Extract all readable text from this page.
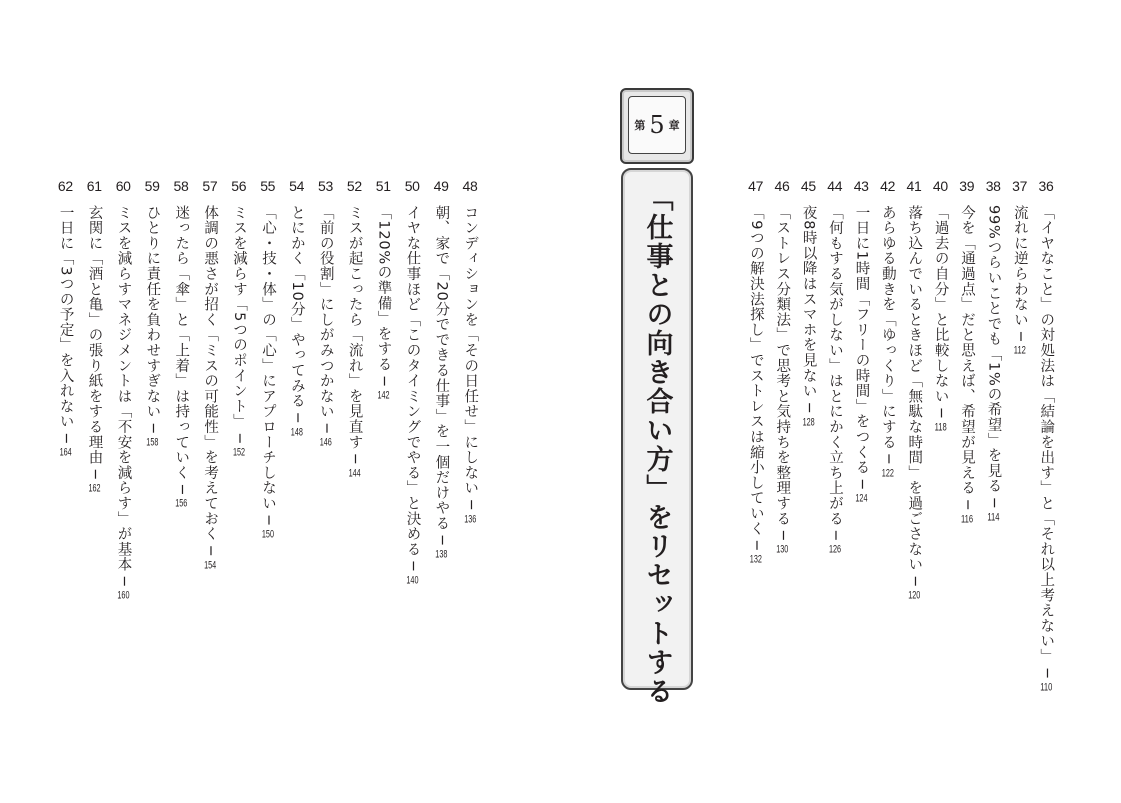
48
コンディションを「その日任せ」にしない ─ 136
49
朝、家で「20分でできる仕事」を一個だけやる ─ 138
50
イヤな仕事ほど「このタイミングでやる」と決める ─ 140
51
「120%の準備」をする ─ 142
52
ミスが起こったら「流れ」を見直す ─ 144
53
「前の役割」にしがみつかない ─ 146
54
とにかく「10分」やってみる ─ 148
55
「心・技・体」の「心」にアプローチしない ─ 150
56
ミスを減らす「5つのポイント」 ─ 152
57
体調の悪さが招く「ミスの可能性」を考えておく ─ 154
58
迷ったら「傘」と「上着」は持っていく ─ 156
59
ひとりに責任を負わせすぎない ─ 158
60
ミスを減らすマネジメントは「不安を減らす」が基本 ─ 160
61
玄関に「酒と亀」の張り紙をする理由 ─ 162
62
一日に「3つの予定」を入れない ─ 164
第 5 章
「仕事との向き合い方」をリセットする	36
「イヤなこと」の対処法は「結論を出す」と「それ以上考えない」 ─ 110
37
流れに逆らわない ─ 112
38
99%つらいことでも「1%の希望」を見る ─ 114
39
今を「通過点」だと思えば、希望が見える ─ 116
40
「過去の自分」と比較しない ─ 118
41
落ち込んでいるときほど「無駄な時間」を過ごさない ─ 120
42
あらゆる動きを「ゆっくり」にする ─ 122
43
一日に1時間「フリーの時間」をつくる ─ 124
44
「何もする気がしない」はとにかく立ち上がる ─ 126
45
夜8時以降はスマホを見ない ─ 128
46
「ストレス分類法」で思考と気持ちを整理する ─ 130
47
「9つの解決法探し」でストレスは縮小していく ─ 132
